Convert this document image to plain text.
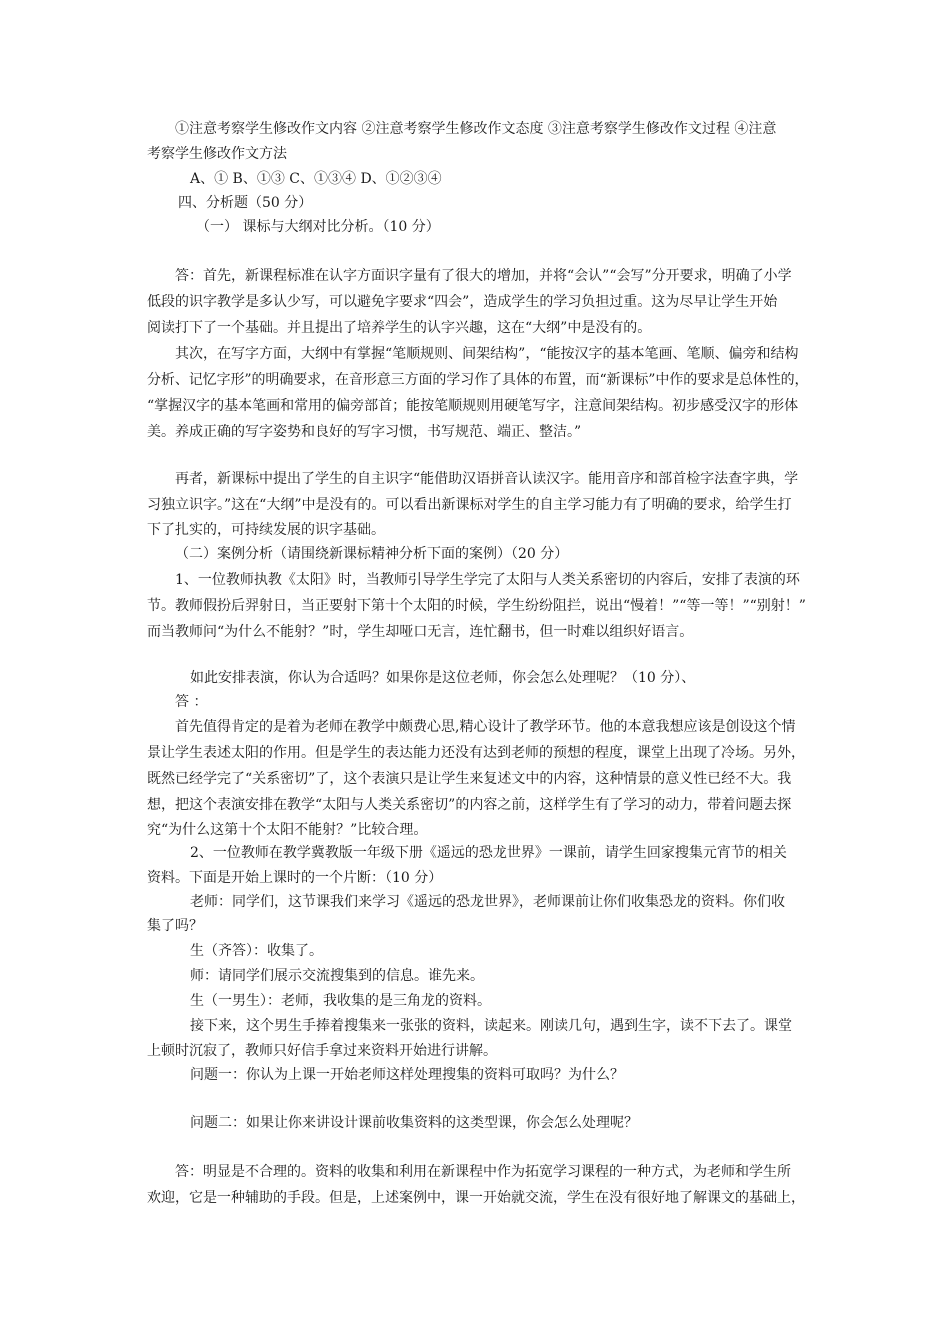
①注意考察学生修改作文内容 ②注意考察学生修改作文态度 ③注意考察学生修改作文过程 ④注意

考察学生修改作文方法

A、① B、①③ C、①③④ D、①②③④

四、分析题（50 分）

（一） 课标与大纲对比分析。（10 分）

答：首先，新课程标准在认字方面识字量有了很大的增加，并将“会认”“会写”分开要求，明确了小学

低段的识字教学是多认少写，可以避免字要求“四会”，造成学生的学习负担过重。这为尽早让学生开始

阅读打下了一个基础。并且提出了培养学生的认字兴趣，这在“大纲”中是没有的。

其次，在写字方面，大纲中有掌握“笔顺规则、间架结构”，“能按汉字的基本笔画、笔顺、偏旁和结构

分析、记忆字形”的明确要求，在音形意三方面的学习作了具体的布置，而“新课标”中作的要求是总体性的，

“掌握汉字的基本笔画和常用的偏旁部首；能按笔顺规则用硬笔写字，注意间架结构。初步感受汉字的形体

美。养成正确的写字姿势和良好的写字习惯，书写规范、端正、整洁。”

再者，新课标中提出了学生的自主识字“能借助汉语拼音认读汉字。能用音序和部首检字法查字典，学

习独立识字。”这在“大纲”中是没有的。可以看出新课标对学生的自主学习能力有了明确的要求，给学生打

下了扎实的，可持续发展的识字基础。

（二）案例分析（请围绕新课标精神分析下面的案例）（20 分）

1、一位教师执教《太阳》时，当教师引导学生学完了太阳与人类关系密切的内容后，安排了表演的环

节。教师假扮后羿射日，当正要射下第十个太阳的时候，学生纷纷阻拦，说出“慢着！”“等一等！”“别射！”

而当教师问“为什么不能射？”时，学生却哑口无言，连忙翻书，但一时难以组织好语言。

如此安排表演，你认为合适吗？如果你是这位老师，你会怎么处理呢？（10 分）、

答 ：

首先值得肯定的是着为老师在教学中颇费心思,精心设计了教学环节。他的本意我想应该是创设这个情

景让学生表述太阳的作用。但是学生的表达能力还没有达到老师的预想的程度，课堂上出现了冷场。另外，

既然已经学完了“关系密切”了，这个表演只是让学生来复述文中的内容，这种情景的意义性已经不大。我

想，把这个表演安排在教学“太阳与人类关系密切”的内容之前，这样学生有了学习的动力，带着问题去探

究“为什么这第十个太阳不能射？”比较合理。

2、一位教师在教学冀教版一年级下册《遥远的恐龙世界》一课前，请学生回家搜集元宵节的相关

资料。下面是开始上课时的一个片断：（10 分）

老师：同学们，这节课我们来学习《遥远的恐龙世界》，老师课前让你们收集恐龙的资料。你们收

集了吗？

生（齐答）：收集了。

师：请同学们展示交流搜集到的信息。谁先来。

生（一男生）：老师，我收集的是三角龙的资料。

接下来，这个男生手捧着搜集来一张张的资料，读起来。刚读几句，遇到生字，读不下去了。课堂

上顿时沉寂了，教师只好信手拿过来资料开始进行讲解。

问题一：你认为上课一开始老师这样处理搜集的资料可取吗？为什么？

问题二：如果让你来讲设计课前收集资料的这类型课，你会怎么处理呢？

答：明显是不合理的。资料的收集和利用在新课程中作为拓宽学习课程的一种方式，为老师和学生所

欢迎，它是一种辅助的手段。但是，上述案例中，课一开始就交流，学生在没有很好地了解课文的基础上，
